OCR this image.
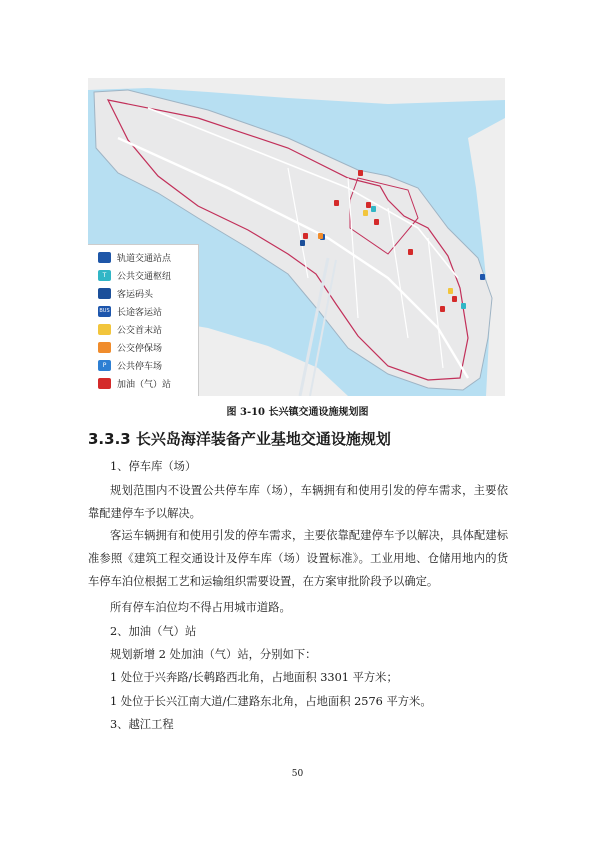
轨道交通站点
T	公共交通枢纽
客运码头
BUS 长途客运站
公交首末站
公交停保场
P	公共停车场
加油（气）站
图 3-10 长兴镇交通设施规划图
3.3.3 长兴岛海洋装备产业基地交通设施规划

1、停车库（场）

规划范围内不设置公共停车库（场），车辆拥有和使用引发的停车需求，主要依靠配建停车予以解决。

客运车辆拥有和使用引发的停车需求，主要依靠配建停车予以解决，具体配建标准参照《建筑工程交通设计及停车库（场）设置标准》。工业用地、仓储用地内的货车停车泊位根据工艺和运输组织需要设置，在方案审批阶段予以确定。

所有停车泊位均不得占用城市道路。

2、加油（气）站

规划新增 2 处加油（气）站，分别如下：

1 处位于兴奔路/长鹌路西北角，占地面积 3301 平方米；

1 处位于长兴江南大道/仁建路东北角，占地面积 2576 平方米。

3、越江工程

50
